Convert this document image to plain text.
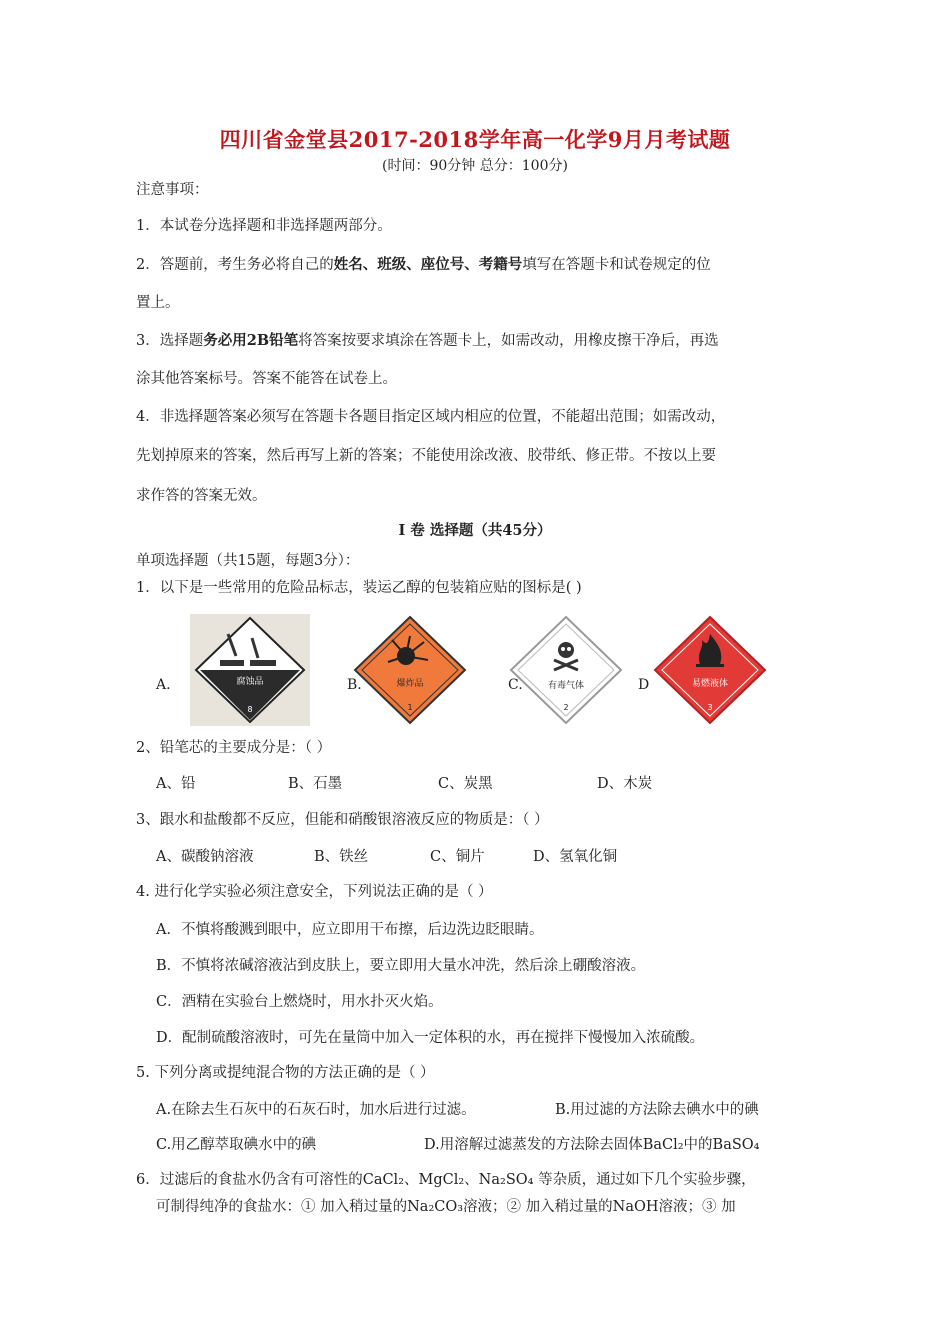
四川省金堂县2017-2018学年高一化学9月月考试题
(时间：90分钟 总分：100分)
注意事项：
1．本试卷分选择题和非选择题两部分。
2．答题前，考生务必将自己的姓名、班级、座位号、考籍号填写在答题卡和试卷规定的位
置上。
3．选择题务必用2B铅笔将答案按要求填涂在答题卡上，如需改动，用橡皮擦干净后，再选
涂其他答案标号。答案不能答在试卷上。
4．非选择题答案必须写在答题卡各题目指定区域内相应的位置，不能超出范围；如需改动，
先划掉原来的答案，然后再写上新的答案；不能使用涂改液、胶带纸、修正带。不按以上要
求作答的答案无效。
Ⅰ 卷 选择题（共45分）
单项选择题（共15题，每题3分）：
1．以下是一些常用的危险品标志，装运乙醇的包装箱应贴的图标是( )
A.	B.	C.	D
腐蚀品
8
爆炸品
1
有毒气体
2
易燃液体
3
2、铅笔芯的主要成分是：（ ）
A、铅	B、石墨	C、炭黑	D、木炭
3、跟水和盐酸都不反应，但能和硝酸银溶液反应的物质是：（ ）
A、碳酸钠溶液	B、铁丝	C、铜片	D、氢氧化铜
4. 进行化学实验必须注意安全，下列说法正确的是（ ）
A．不慎将酸溅到眼中，应立即用干布擦，后边洗边眨眼睛。
B．不慎将浓碱溶液沾到皮肤上，要立即用大量水冲洗，然后涂上硼酸溶液。
C．酒精在实验台上燃烧时，用水扑灭火焰。
D．配制硫酸溶液时，可先在量筒中加入一定体积的水，再在搅拌下慢慢加入浓硫酸。
5. 下列分离或提纯混合物的方法正确的是（ ）
A.在除去生石灰中的石灰石时，加水后进行过滤。	B.用过滤的方法除去碘水中的碘
C.用乙醇萃取碘水中的碘	D.用溶解过滤蒸发的方法除去固体BaCl₂中的BaSO₄
6．过滤后的食盐水仍含有可溶性的CaCl₂、MgCl₂、Na₂SO₄ 等杂质，通过如下几个实验步骤，
可制得纯净的食盐水：① 加入稍过量的Na₂CO₃溶液；② 加入稍过量的NaOH溶液；③ 加
